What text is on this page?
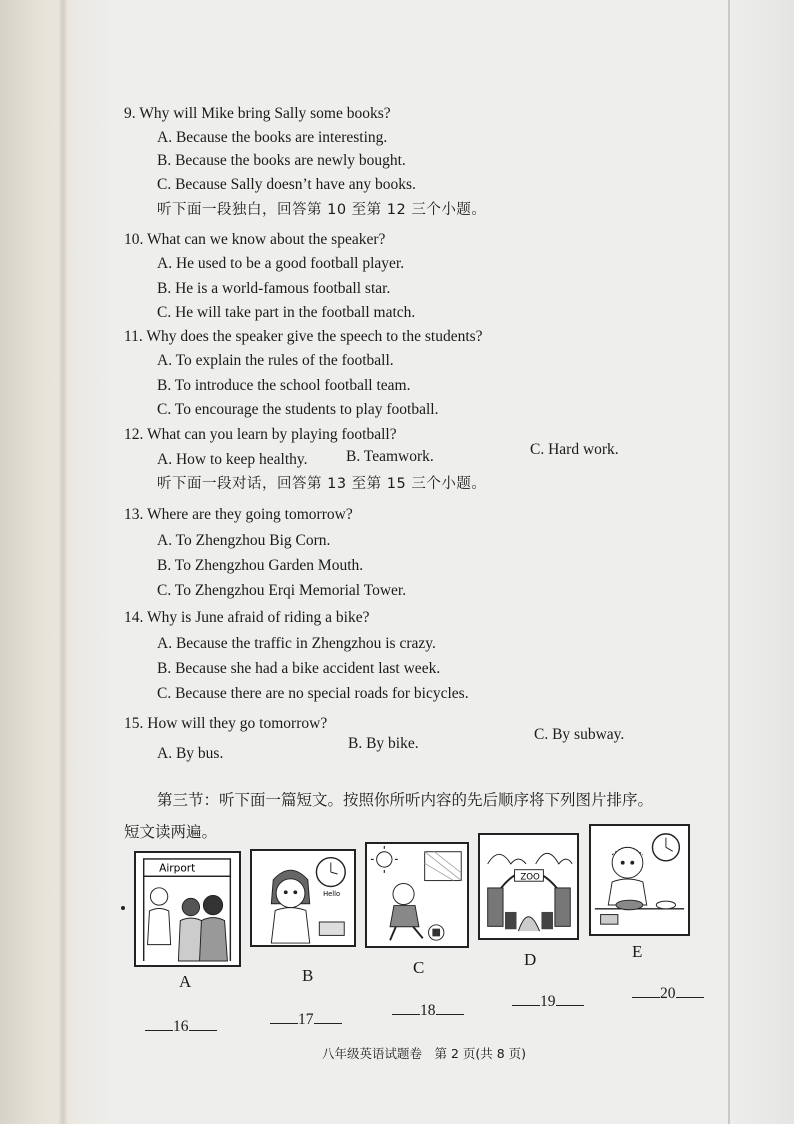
9. Why will Mike bring Sally some books?
A. Because the books are interesting.
B. Because the books are newly bought.
C. Because Sally doesn’t have any books.
听下面一段独白，回答第 10 至第 12 三个小题。
10. What can we know about the speaker?
A. He used to be a good football player.
B. He is a world-famous football star.
C. He will take part in the football match.
11. Why does the speaker give the speech to the students?
A. To explain the rules of the football.
B. To introduce the school football team.
C. To encourage the students to play football.
12. What can you learn by playing football?
A. How to keep healthy. B. Teamwork.	C. Hard work.
听下面一段对话，回答第 13 至第 15 三个小题。
13. Where are they going tomorrow?
A. To Zhengzhou Big Corn.
B. To Zhengzhou Garden Mouth.
C. To Zhengzhou Erqi Memorial Tower.
14. Why is June afraid of riding a bike?
A. Because the traffic in Zhengzhou is crazy.
B. Because she had a bike accident last week.
C. Because there are no special roads for bicycles.
15. How will they go tomorrow?
A. By bus.
B. By bike.
C. By subway.
第三节：听下面一篇短文。按照你所听内容的先后顺序将下列图片排序。
短文读两遍。
Airport
A
Hello
B	C
ZOO
D	E
16	17
18
19	20
八年级英语试题卷　第 2 页(共 8 页)
